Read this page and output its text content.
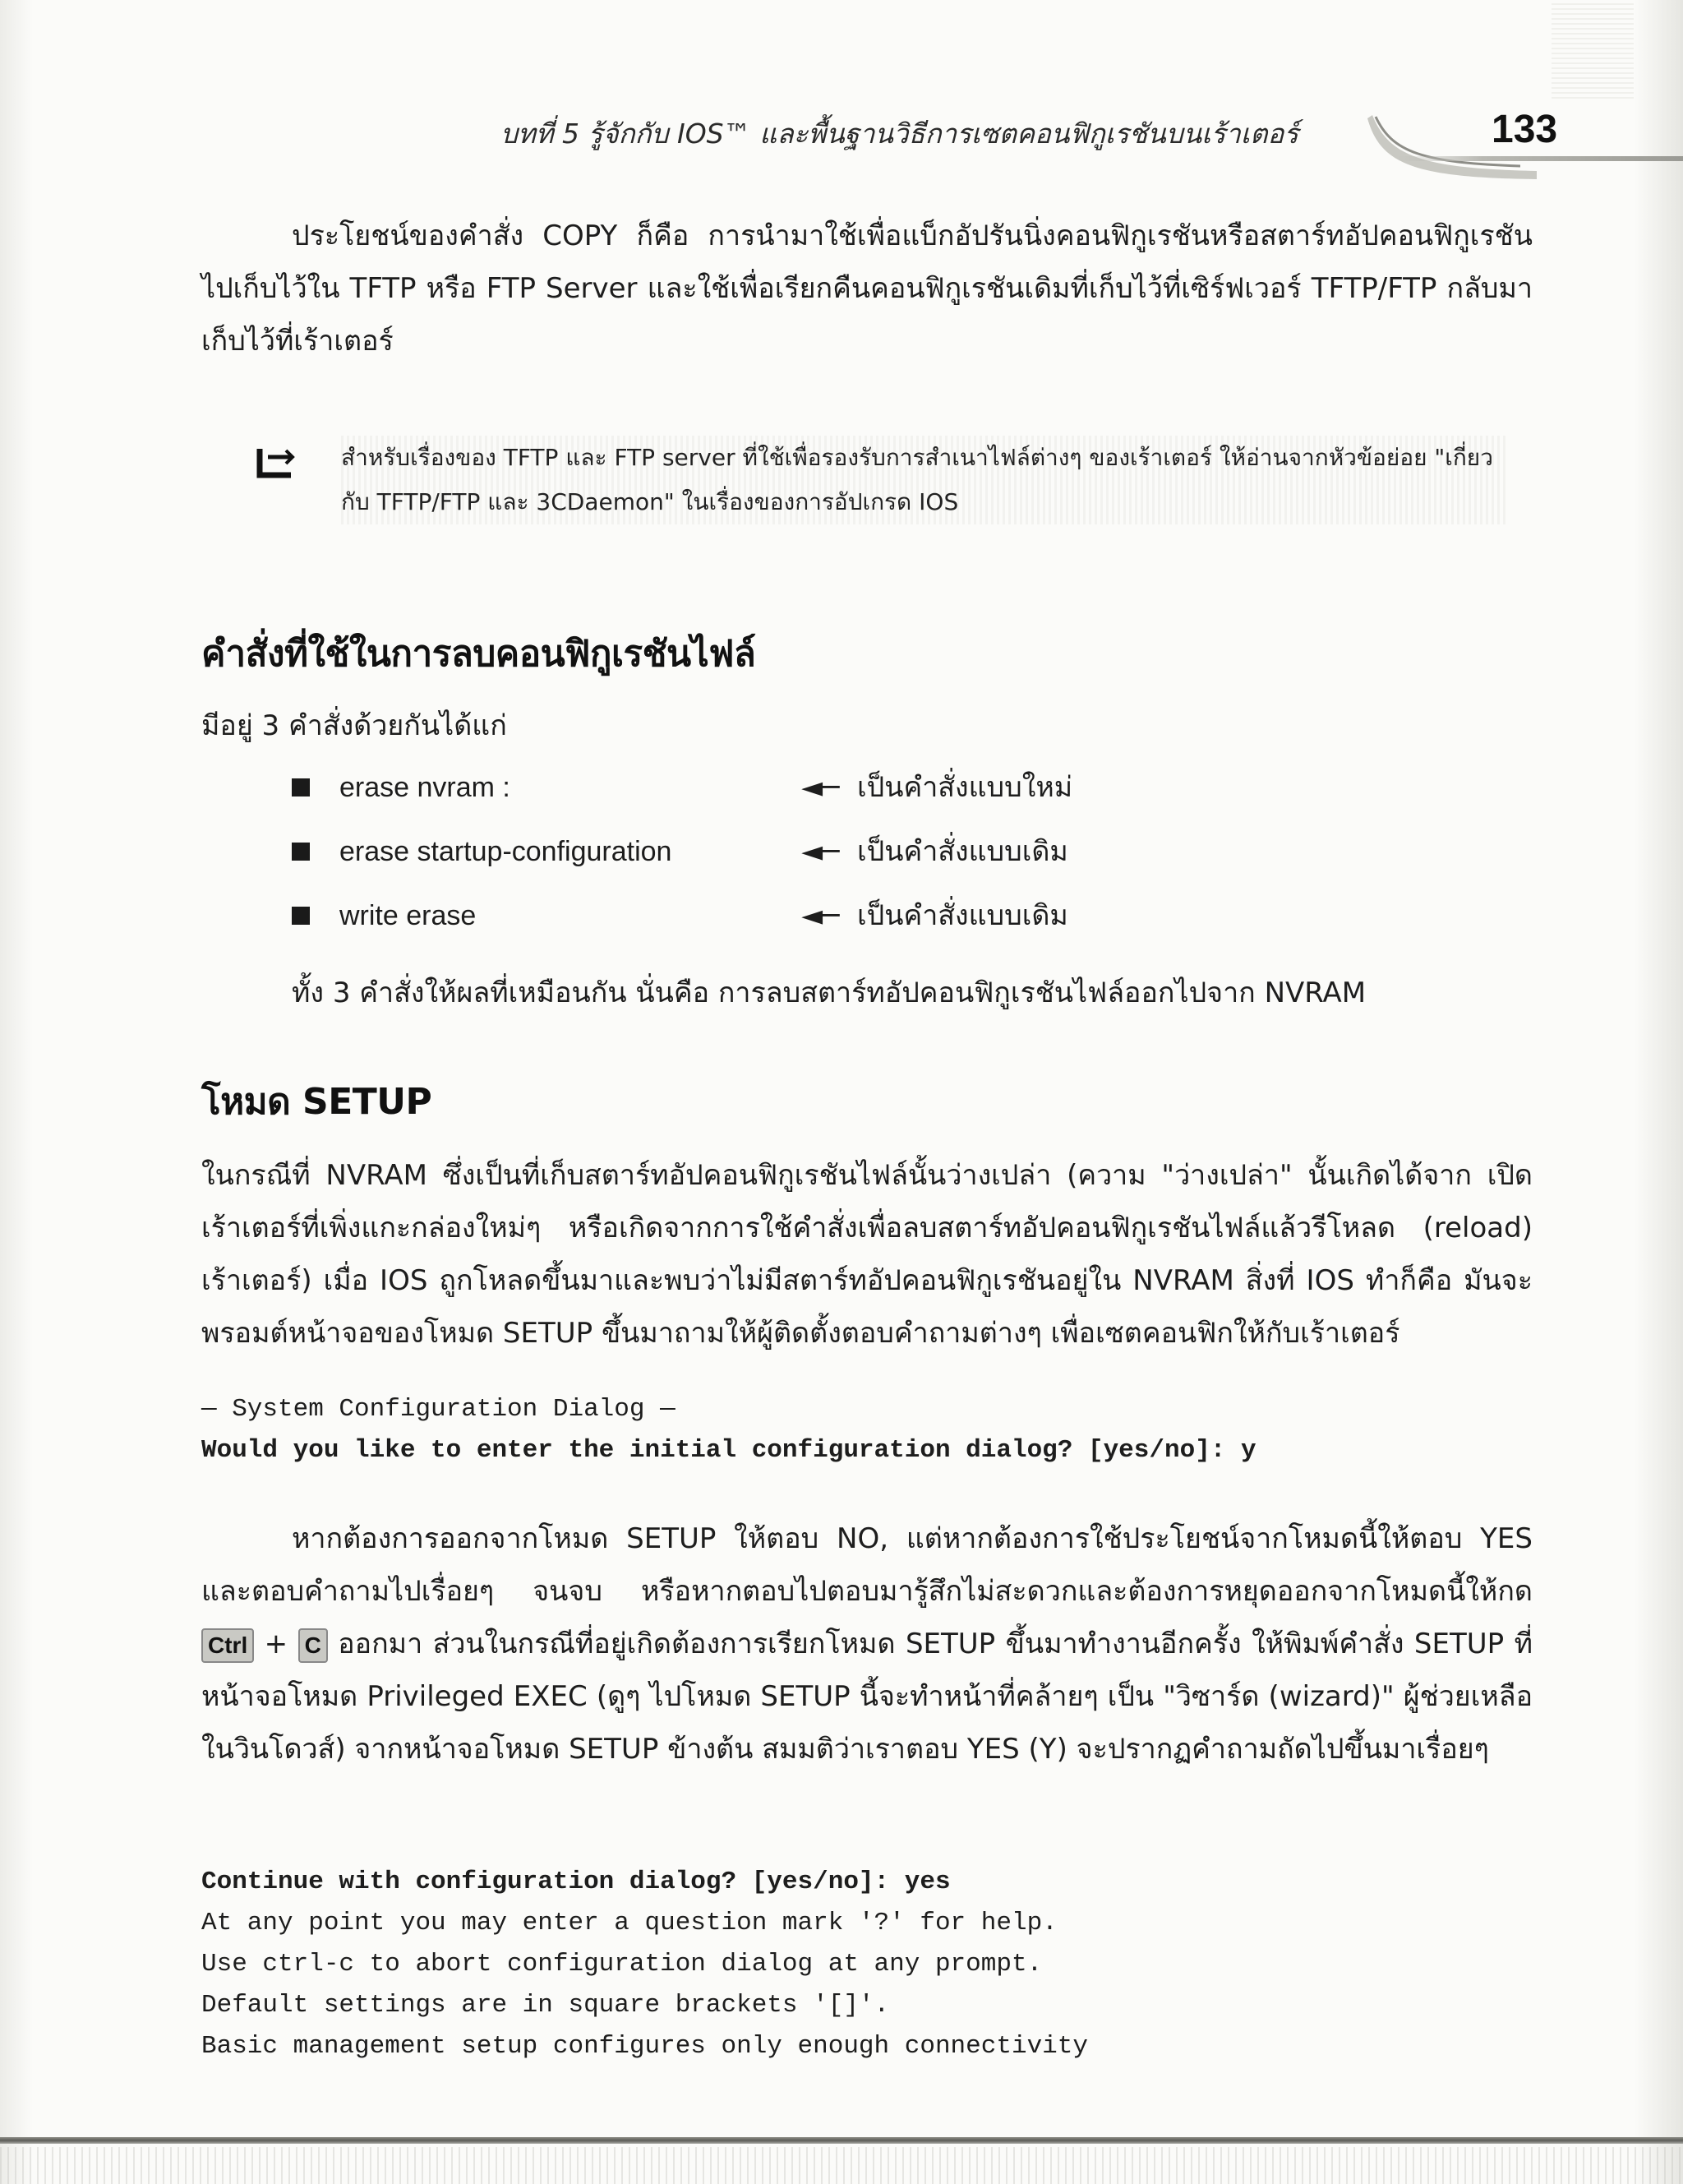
บทที่ 5 รู้จักกับ IOS™ และพื้นฐานวิธีการเซตคอนฟิกูเรชันบนเร้าเตอร์	133

ประโยชน์ของคำสั่ง COPY ก็คือ การนำมาใช้เพื่อแบ็กอัปรันนิ่งคอนฟิกูเรชันหรือสตาร์ทอัปคอนฟิกูเรชันไปเก็บไว้ใน TFTP หรือ FTP Server และใช้เพื่อเรียกคืนคอนฟิกูเรชันเดิมที่เก็บไว้ที่เซิร์ฟเวอร์ TFTP/FTP กลับมาเก็บไว้ที่เร้าเตอร์

สำหรับเรื่องของ TFTP และ FTP server ที่ใช้เพื่อรองรับการสำเนาไฟล์ต่างๆ ของเร้าเตอร์ ให้อ่านจากหัวข้อย่อย "เกี่ยวกับ TFTP/FTP และ 3CDaemon" ในเรื่องของการอัปเกรด IOS
คำสั่งที่ใช้ในการลบคอนฟิกูเรชันไฟล์
มีอยู่ 3 คำสั่งด้วยกันได้แก่
erase nvram :	◄─ เป็นคำสั่งแบบใหม่
erase startup-configuration	◄─ เป็นคำสั่งแบบเดิม
write erase	◄─ เป็นคำสั่งแบบเดิม
ทั้ง 3 คำสั่งให้ผลที่เหมือนกัน นั่นคือ การลบสตาร์ทอัปคอนฟิกูเรชันไฟล์ออกไปจาก NVRAM
โหมด SETUP

ในกรณีที่ NVRAM ซึ่งเป็นที่เก็บสตาร์ทอัปคอนฟิกูเรชันไฟล์นั้นว่างเปล่า (ความ "ว่างเปล่า" นั้นเกิดได้จาก เปิดเร้าเตอร์ที่เพิ่งแกะกล่องใหม่ๆ หรือเกิดจากการใช้คำสั่งเพื่อลบสตาร์ทอัปคอนฟิกูเรชันไฟล์แล้วรีโหลด (reload) เร้าเตอร์) เมื่อ IOS ถูกโหลดขึ้นมาและพบว่าไม่มีสตาร์ทอัปคอนฟิกูเรชันอยู่ใน NVRAM สิ่งที่ IOS ทำก็คือ มันจะพรอมต์หน้าจอของโหมด SETUP ขึ้นมาถามให้ผู้ติดตั้งตอบคำถามต่างๆ เพื่อเซตคอนฟิกให้กับเร้าเตอร์

— System Configuration Dialog —
Would you like to enter the initial configuration dialog? [yes/no]: y

หากต้องการออกจากโหมด SETUP ให้ตอบ NO, แต่หากต้องการใช้ประโยชน์จากโหมดนี้ให้ตอบ YES และตอบคำถามไปเรื่อยๆ จนจบ หรือหากตอบไปตอบมารู้สึกไม่สะดวกและต้องการหยุดออกจากโหมดนี้ให้กด Ctrl + C ออกมา ส่วนในกรณีที่อยู่เกิดต้องการเรียกโหมด SETUP ขึ้นมาทำงานอีกครั้ง ให้พิมพ์คำสั่ง SETUP ที่หน้าจอโหมด Privileged EXEC (ดูๆ ไปโหมด SETUP นี้จะทำหน้าที่คล้ายๆ เป็น "วิซาร์ด (wizard)" ผู้ช่วยเหลือในวินโดวส์) จากหน้าจอโหมด SETUP ข้างต้น สมมติว่าเราตอบ YES (Y) จะปรากฏคำถามถัดไปขึ้นมาเรื่อยๆ

Continue with configuration dialog? [yes/no]: yes
At any point you may enter a question mark '?' for help.
Use ctrl-c to abort configuration dialog at any prompt.
Default settings are in square brackets '[]'.
Basic management setup configures only enough connectivity
